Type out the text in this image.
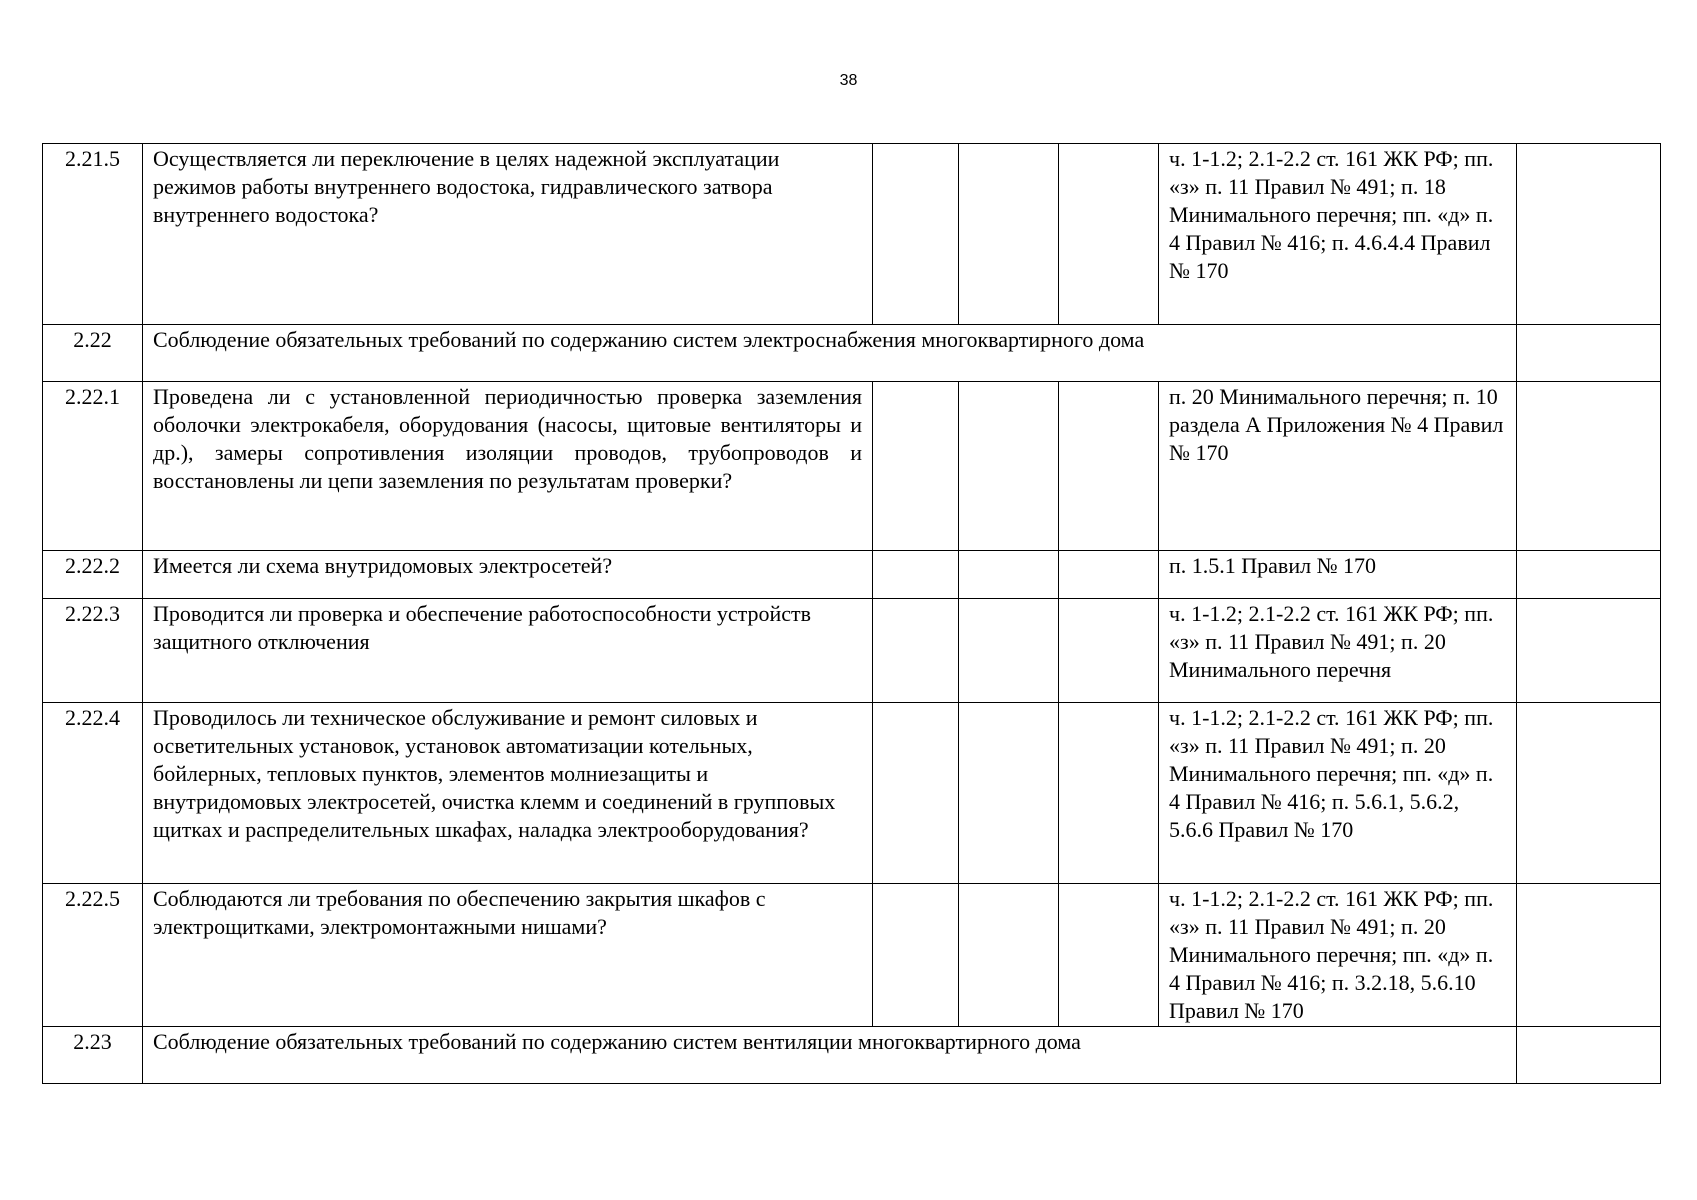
38
2.21.5	Осуществляется ли переключение в целях надежной эксплуатации режимов работы внутреннего водостока, гидравлического затвора внутреннего водостока?				ч. 1-1.2; 2.1-2.2 ст. 161 ЖК РФ; пп. «з» п. 11 Правил № 491; п. 18 Минимального перечня; пп. «д» п. 4 Правил № 416; п. 4.6.4.4 Правил № 170	
2.22	Соблюдение обязательных требований по содержанию систем электроснабжения многоквартирного дома					
2.22.1	Проведена ли с установленной периодичностью проверка заземления оболочки электрокабеля, оборудования (насосы, щитовые вентиляторы и др.), замеры сопротивления изоляции проводов, трубопроводов и восстановлены ли цепи заземления по результатам проверки?				п. 20 Минимального перечня; п. 10 раздела А Приложения № 4 Правил № 170	
2.22.2	Имеется ли схема внутридомовых электросетей?				п. 1.5.1 Правил № 170	
2.22.3	Проводится ли проверка и обеспечение работоспособности устройств защитного отключения				ч. 1-1.2; 2.1-2.2 ст. 161 ЖК РФ; пп. «з» п. 11 Правил № 491; п. 20 Минимального перечня	
2.22.4	Проводилось ли техническое обслуживание и ремонт силовых и осветительных установок, установок автоматизации котельных, бойлерных, тепловых пунктов, элементов молниезащиты и внутридомовых электросетей, очистка клемм и соединений в групповых щитках и распределительных шкафах, наладка электрооборудования?				ч. 1-1.2; 2.1-2.2 ст. 161 ЖК РФ; пп. «з» п. 11 Правил № 491; п. 20 Минимального перечня; пп. «д» п. 4 Правил № 416; п. 5.6.1, 5.6.2, 5.6.6 Правил № 170	
2.22.5	Соблюдаются ли требования по обеспечению закрытия шкафов с электрощитками, электромонтажными нишами?				ч. 1-1.2; 2.1-2.2 ст. 161 ЖК РФ; пп. «з» п. 11 Правил № 491; п. 20 Минимального перечня; пп. «д» п. 4 Правил № 416; п. 3.2.18, 5.6.10 Правил № 170	
2.23	Соблюдение обязательных требований по содержанию систем вентиляции многоквартирного дома					
